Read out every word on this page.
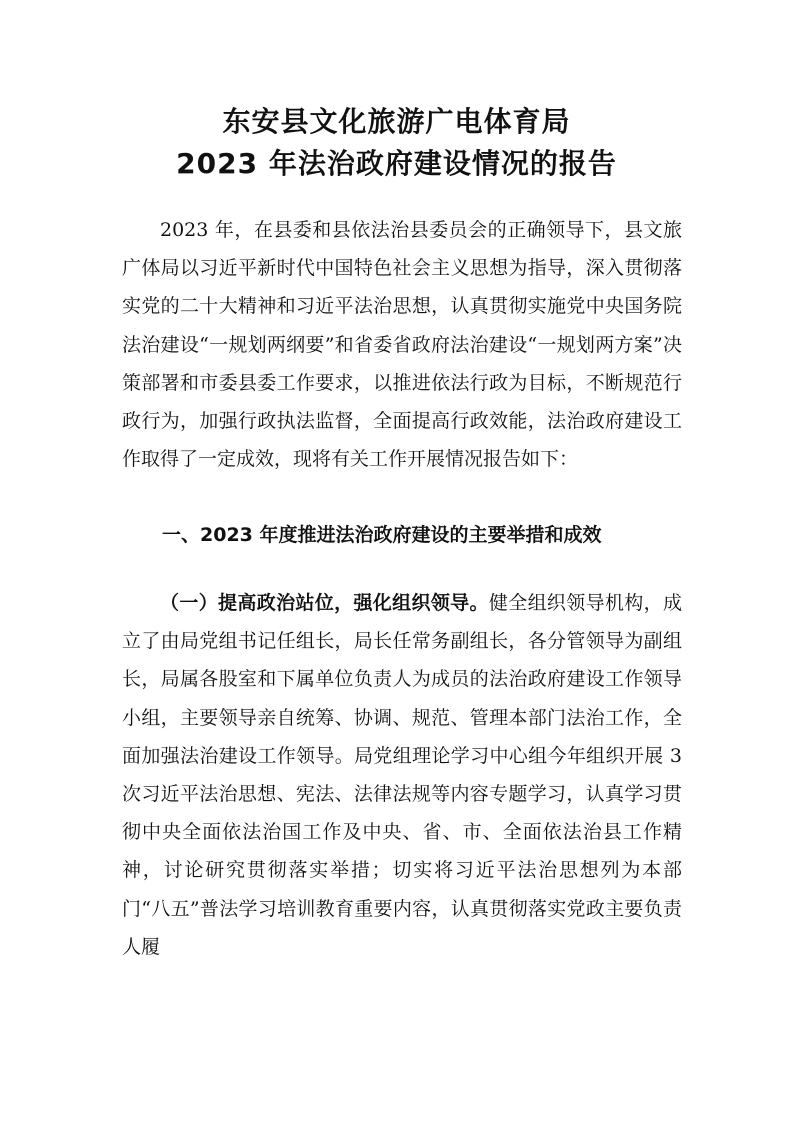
东安县文化旅游广电体育局
2023 年法治政府建设情况的报告
2023 年，在县委和县依法治县委员会的正确领导下，县文旅广体局以习近平新时代中国特色社会主义思想为指导，深入贯彻落实党的二十大精神和习近平法治思想，认真贯彻实施党中央国务院法治建设“一规划两纲要”和省委省政府法治建设“一规划两方案”决策部署和市委县委工作要求，以推进依法行政为目标，不断规范行政行为，加强行政执法监督，全面提高行政效能，法治政府建设工作取得了一定成效，现将有关工作开展情况报告如下：
一、2023 年度推进法治政府建设的主要举措和成效
（一）提高政治站位，强化组织领导。健全组织领导机构，成立了由局党组书记任组长，局长任常务副组长，各分管领导为副组长，局属各股室和下属单位负责人为成员的法治政府建设工作领导小组，主要领导亲自统筹、协调、规范、管理本部门法治工作，全面加强法治建设工作领导。局党组理论学习中心组今年组织开展 3 次习近平法治思想、宪法、法律法规等内容专题学习，认真学习贯彻中央全面依法治国工作及中央、省、市、全面依法治县工作精神，讨论研究贯彻落实举措；切实将习近平法治思想列为本部门“八五”普法学习培训教育重要内容，认真贯彻落实党政主要负责人履
